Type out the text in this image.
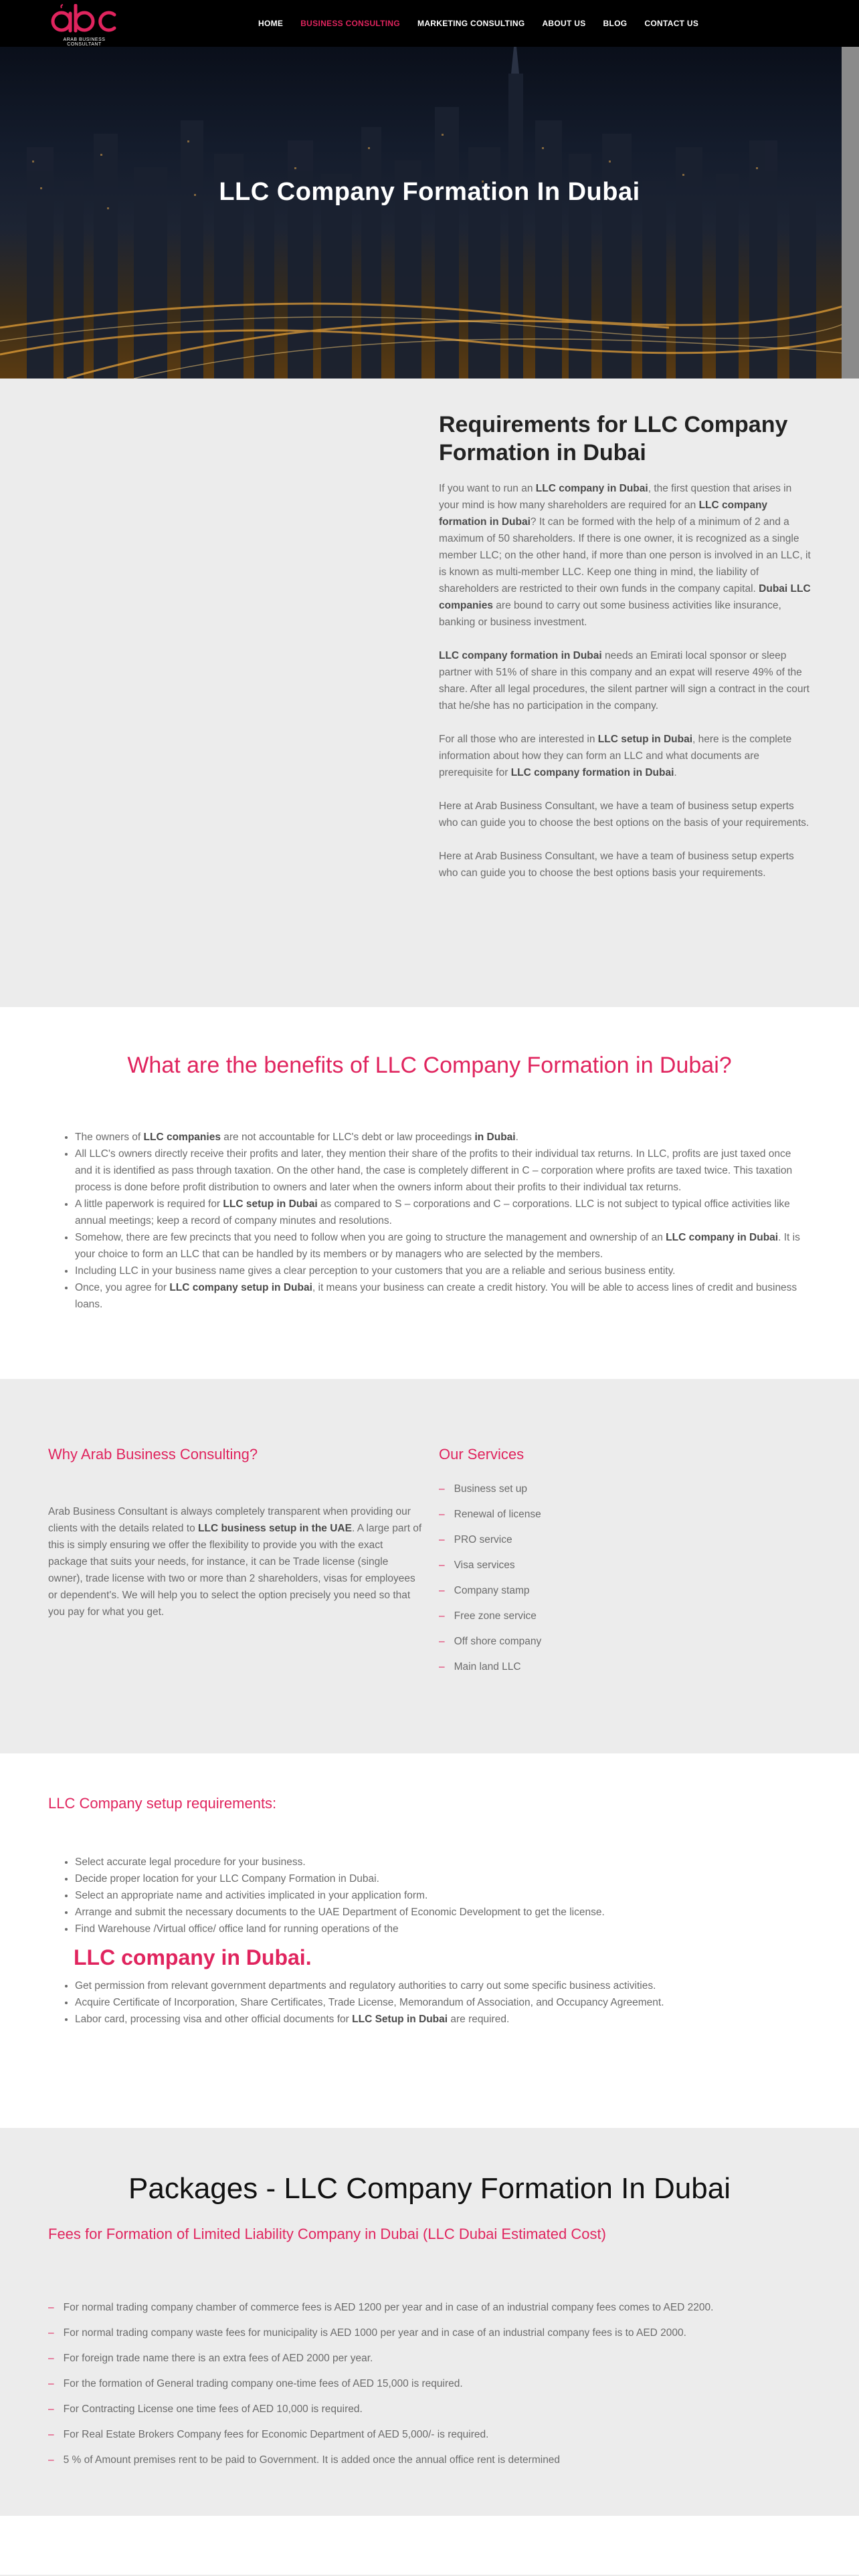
ARAB BUSINESS CONSULTANT
HOME BUSINESS CONSULTING MARKETING CONSULTING ABOUT US BLOG CONTACT US
LLC Company Formation In Dubai
Requirements for LLC Company Formation in Dubai

If you want to run an LLC company in Dubai, the first question that arises in your mind is how many shareholders are required for an LLC company formation in Dubai? It can be formed with the help of a minimum of 2 and a maximum of 50 shareholders. If there is one owner, it is recognized as a single member LLC; on the other hand, if more than one person is involved in an LLC, it is known as multi-member LLC. Keep one thing in mind, the liability of shareholders are restricted to their own funds in the company capital. Dubai LLC companies are bound to carry out some business activities like insurance, banking or business investment.

LLC company formation in Dubai needs an Emirati local sponsor or sleep partner with 51% of share in this company and an expat will reserve 49% of the share. After all legal procedures, the silent partner will sign a contract in the court that he/she has no participation in the company.

For all those who are interested in LLC setup in Dubai, here is the complete information about how they can form an LLC and what documents are prerequisite for LLC company formation in Dubai.

Here at Arab Business Consultant, we have a team of business setup experts who can guide you to choose the best options on the basis of your requirements.

Here at Arab Business Consultant, we have a team of business setup experts who can guide you to choose the best options basis your requirements.

What are the benefits of LLC Company Formation in Dubai?
• The owners of LLC companies are not accountable for LLC's debt or law proceedings in Dubai.
• All LLC's owners directly receive their profits and later, they mention their share of the profits to their individual tax returns. In LLC, profits are just taxed once and it is identified as pass through taxation. On the other hand, the case is completely different in C – corporation where profits are taxed twice. This taxation process is done before profit distribution to owners and later when the owners inform about their profits to their individual tax returns.
• A little paperwork is required for LLC setup in Dubai as compared to S – corporations and C – corporations. LLC is not subject to typical office activities like annual meetings; keep a record of company minutes and resolutions.
• Somehow, there are few precincts that you need to follow when you are going to structure the management and ownership of an LLC company in Dubai. It is your choice to form an LLC that can be handled by its members or by managers who are selected by the members.
• Including LLC in your business name gives a clear perception to your customers that you are a reliable and serious business entity.
• Once, you agree for LLC company setup in Dubai, it means your business can create a credit history. You will be able to access lines of credit and business loans.
Why Arab Business Consulting?

Arab Business Consultant is always completely transparent when providing our clients with the details related to LLC business setup in the UAE. A large part of this is simply ensuring we offer the flexibility to provide you with the exact package that suits your needs, for instance, it can be Trade license (single owner), trade license with two or more than 2 shareholders, visas for employees or dependent's. We will help you to select the option precisely you need so that you pay for what you get.

Our Services
– Business set up
– Renewal of license
– PRO service
– Visa services
– Company stamp
– Free zone service
– Off shore company
– Main land LLC
LLC Company setup requirements:
• Select accurate legal procedure for your business.
• Decide proper location for your LLC Company Formation in Dubai.
• Select an appropriate name and activities implicated in your application form.
• Arrange and submit the necessary documents to the UAE Department of Economic Development to get the license.
• Find Warehouse /Virtual office/ office land for running operations of the
LLC company in Dubai.
• Get permission from relevant government departments and regulatory authorities to carry out some specific business activities.
• Acquire Certificate of Incorporation, Share Certificates, Trade License, Memorandum of Association, and Occupancy Agreement.
• Labor card, processing visa and other official documents for LLC Setup in Dubai are required.
Packages - LLC Company Formation In Dubai
Fees for Formation of Limited Liability Company in Dubai (LLC Dubai Estimated Cost)
– For normal trading company chamber of commerce fees is AED 1200 per year and in case of an industrial company fees comes to AED 2200.
– For normal trading company waste fees for municipality is AED 1000 per year and in case of an industrial company fees is to AED 2000.
– For foreign trade name there is an extra fees of AED 2000 per year.
– For the formation of General trading company one-time fees of AED 15,000 is required.
– For Contracting License one time fees of AED 10,000 is required.
– For Real Estate Brokers Company fees for Economic Department of AED 5,000/- is required.
– 5 % of Amount premises rent to be paid to Government. It is added once the annual office rent is determined
